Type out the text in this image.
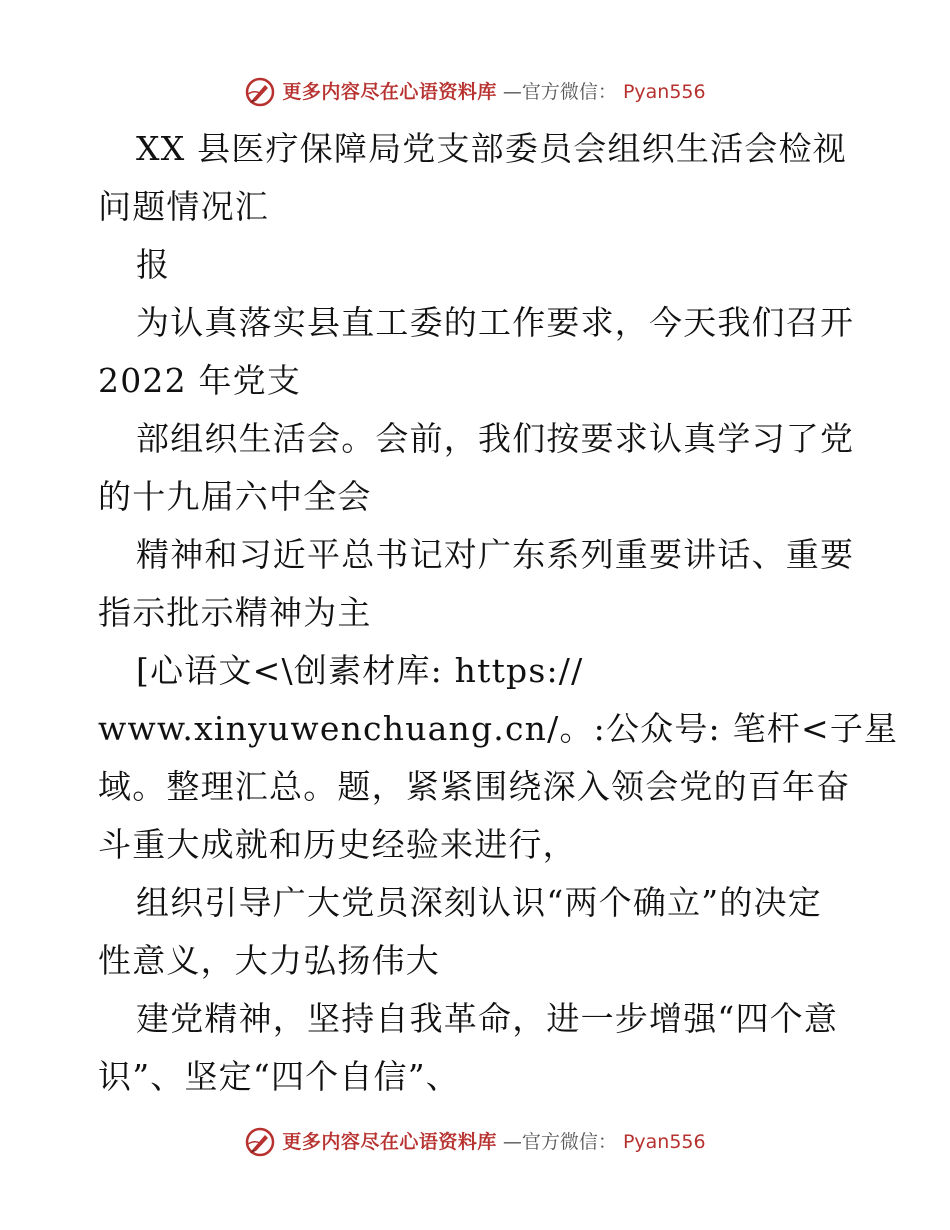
更多内容尽在心语资料库 —官方微信： Pyan556
XX 县医疗保障局党支部委员会组织生活会检视
问题情况汇
报
为认真落实县直工委的工作要求，今天我们召开
2022 年党支
部组织生活会。会前，我们按要求认真学习了党
的十九届六中全会
精神和习近平总书记对广东系列重要讲话、重要
指示批示精神为主
[心语文<\创素材库: https://
www.xinyuwenchuang.cn/。:公众号: 笔杆<子星
域。整理汇总。题，紧紧围绕深入领会党的百年奋
斗重大成就和历史经验来进行，
组织引导广大党员深刻认识“两个确立”的决定
性意义，大力弘扬伟大
建党精神，坚持自我革命，进一步增强“四个意
识”、坚定“四个自信”、
更多内容尽在心语资料库 —官方微信： Pyan556
